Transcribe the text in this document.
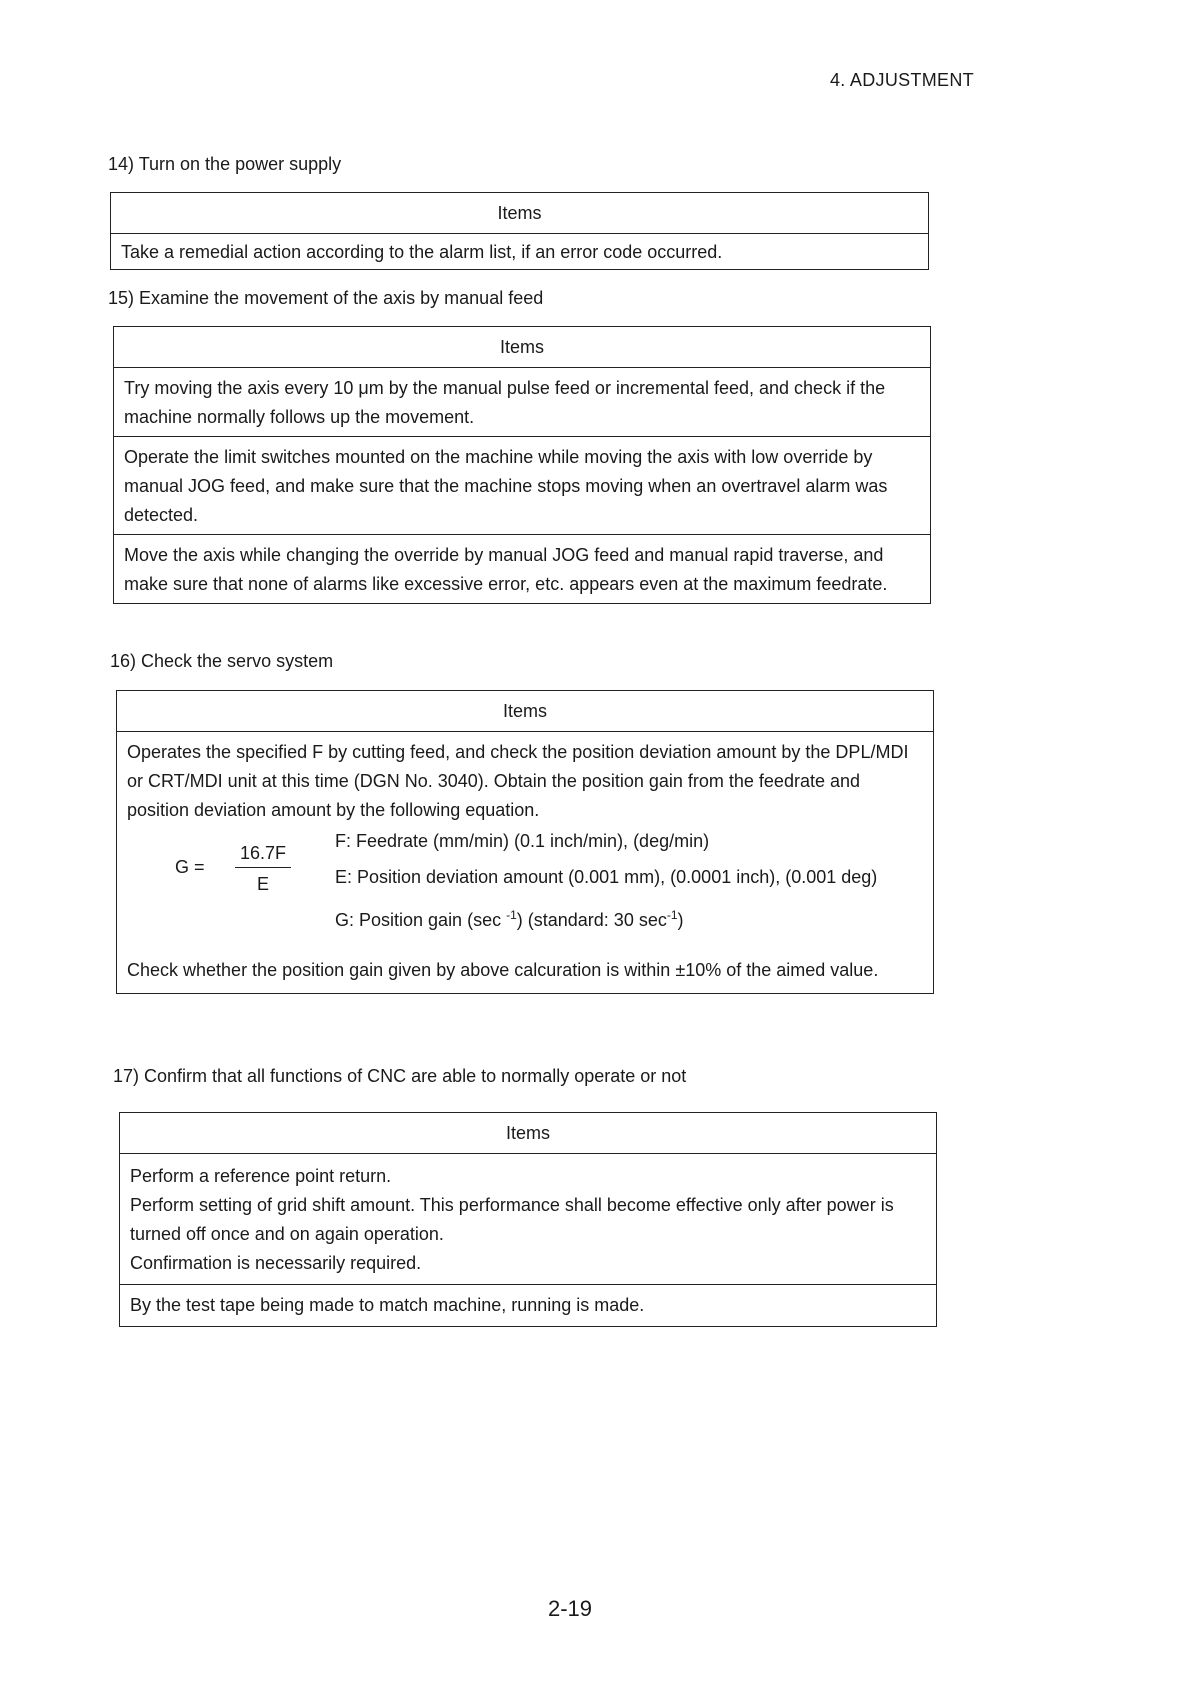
4. ADJUSTMENT
14) Turn on the power supply
Items
Take a remedial action according to the alarm list, if an error code occurred.
15) Examine the movement of the axis by manual feed
Items
Try moving the axis every 10 μm by the manual pulse feed or incremental feed, and check if the machine normally follows up the movement.
Operate the limit switches mounted on the machine while moving the axis with low override by manual JOG feed, and make sure that the machine stops moving when an overtravel alarm was detected.
Move the axis while changing the override by manual JOG feed and manual rapid traverse, and make sure that none of alarms like excessive error, etc. appears even at the maximum feedrate.
16) Check the servo system
Items
Operates the specified F by cutting feed, and check the position deviation amount by the DPL/MDI or CRT/MDI unit at this time (DGN No. 3040). Obtain the position gain from the feedrate and position deviation amount by the following equation.
$G = \frac{16.7F}{E} F$: Feedrate (mm/min) (0.1 inch/min), (deg/min)
E: Position deviation amount (0.001 mm), (0.0001 inch), (0.001 deg)
G: Position gain (sec $^{-1}$) (standard: 30 $\sec^{-1}$)
Check whether the position gain given by above calcuration is within ±10% of the aimed value.
17) Confirm that all functions of CNC are able to normally operate or not
Items
Perform a reference point return.
Perform setting of grid shift amount. This performance shall become effective only after power is turned off once and on again operation.
Confirmation is necessarily required.
By the test tape being made to match machine, running is made.
2-19
